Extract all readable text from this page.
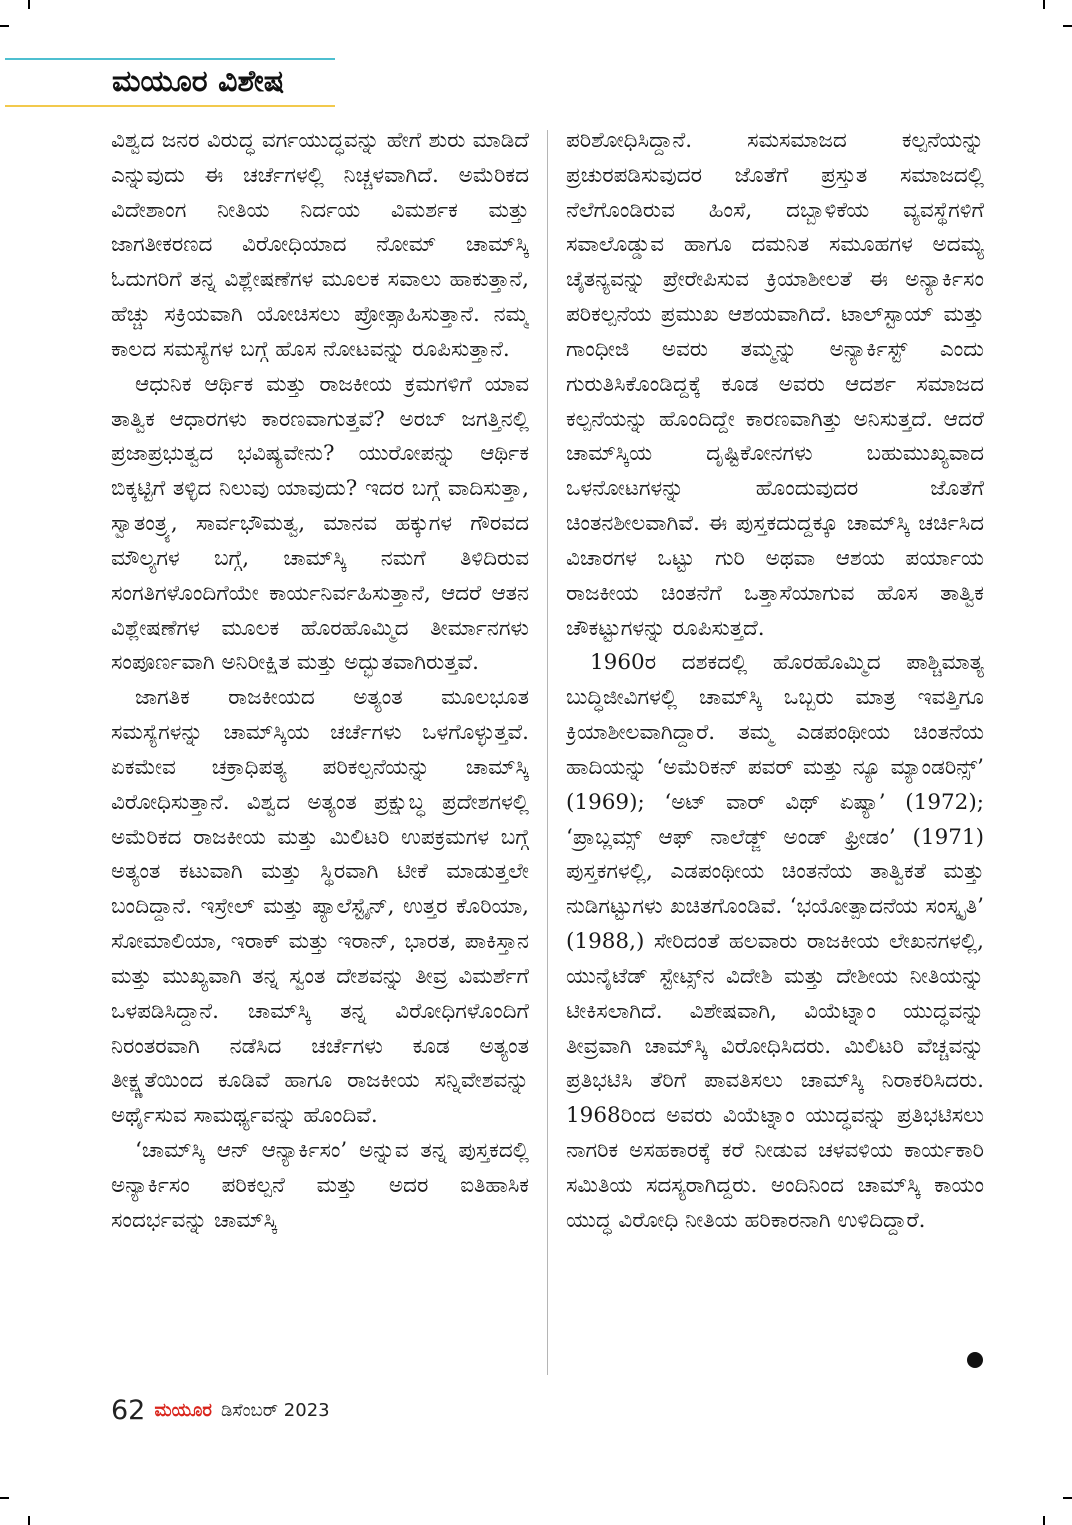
ಮಯೂರ ವಿಶೇಷ

ವಿಶ್ವದ ಜನರ ವಿರುದ್ಧ ವರ್ಗಯುದ್ಧವನ್ನು ಹೇಗೆ ಶುರು ಮಾಡಿದೆ ಎನ್ನುವುದು ಈ ಚರ್ಚೆಗಳಲ್ಲಿ ನಿಚ್ಚಳವಾಗಿದೆ. ಅಮೆರಿಕದ ವಿದೇಶಾಂಗ ನೀತಿಯ ನಿರ್ದಯ ವಿಮರ್ಶಕ ಮತ್ತು ಜಾಗತೀಕರಣದ ವಿರೋಧಿಯಾದ ನೋಮ್ ಚಾಮ್‌ಸ್ಕಿ ಓದುಗರಿಗೆ ತನ್ನ ವಿಶ್ಲೇಷಣೆಗಳ ಮೂಲಕ ಸವಾಲು ಹಾಕುತ್ತಾನೆ, ಹೆಚ್ಚು ಸಕ್ರಿಯವಾಗಿ ಯೋಚಿಸಲು ಪ್ರೋತ್ಸಾಹಿಸುತ್ತಾನೆ. ನಮ್ಮ ಕಾಲದ ಸಮಸ್ಯೆಗಳ ಬಗ್ಗೆ ಹೊಸ ನೋಟವನ್ನು ರೂಪಿಸುತ್ತಾನೆ.

ಆಧುನಿಕ ಆರ್ಥಿಕ ಮತ್ತು ರಾಜಕೀಯ ಕ್ರಮಗಳಿಗೆ ಯಾವ ತಾತ್ವಿಕ ಆಧಾರಗಳು ಕಾರಣವಾಗುತ್ತವೆ? ಅರಬ್ ಜಗತ್ತಿನಲ್ಲಿ ಪ್ರಜಾಪ್ರಭುತ್ವದ ಭವಿಷ್ಯವೇನು? ಯುರೋಪನ್ನು ಆರ್ಥಿಕ ಬಿಕ್ಕಟ್ಟಿಗೆ ತಳ್ಳಿದ ನಿಲುವು ಯಾವುದು? ಇದರ ಬಗ್ಗೆ ವಾದಿಸುತ್ತಾ, ಸ್ವಾತಂತ್ರ್ಯ, ಸಾರ್ವಭೌಮತ್ವ, ಮಾನವ ಹಕ್ಕುಗಳ ಗೌರವದ ಮೌಲ್ಯಗಳ ಬಗ್ಗೆ, ಚಾಮ್‌ಸ್ಕಿ ನಮಗೆ ತಿಳಿದಿರುವ ಸಂಗತಿಗಳೊಂದಿಗೆಯೇ ಕಾರ್ಯನಿರ್ವಹಿಸುತ್ತಾನೆ, ಆದರೆ ಆತನ ವಿಶ್ಲೇಷಣೆಗಳ ಮೂಲಕ ಹೊರಹೊಮ್ಮಿದ ತೀರ್ಮಾನಗಳು ಸಂಪೂರ್ಣವಾಗಿ ಅನಿರೀಕ್ಷಿತ ಮತ್ತು ಅದ್ಭುತವಾಗಿರುತ್ತವೆ.

ಜಾಗತಿಕ ರಾಜಕೀಯದ ಅತ್ಯಂತ ಮೂಲಭೂತ ಸಮಸ್ಯೆಗಳನ್ನು ಚಾಮ್‌ಸ್ಕಿಯ ಚರ್ಚೆಗಳು ಒಳಗೊಳ್ಳುತ್ತವೆ. ಏಕಮೇವ ಚಕ್ರಾಧಿಪತ್ಯ ಪರಿಕಲ್ಪನೆಯನ್ನು ಚಾಮ್‌ಸ್ಕಿ ವಿರೋಧಿಸುತ್ತಾನೆ. ವಿಶ್ವದ ಅತ್ಯಂತ ಪ್ರಕ್ಷುಬ್ಧ ಪ್ರದೇಶಗಳಲ್ಲಿ ಅಮೆರಿಕದ ರಾಜಕೀಯ ಮತ್ತು ಮಿಲಿಟರಿ ಉಪಕ್ರಮಗಳ ಬಗ್ಗೆ ಅತ್ಯಂತ ಕಟುವಾಗಿ ಮತ್ತು ಸ್ಥಿರವಾಗಿ ಟೀಕೆ ಮಾಡುತ್ತಲೇ ಬಂದಿದ್ದಾನೆ. ಇಸ್ರೇಲ್ ಮತ್ತು ಪ್ಯಾಲೆಸ್ಟೈನ್, ಉತ್ತರ ಕೊರಿಯಾ, ಸೋಮಾಲಿಯಾ, ಇರಾಕ್ ಮತ್ತು ಇರಾನ್, ಭಾರತ, ಪಾಕಿಸ್ತಾನ ಮತ್ತು ಮುಖ್ಯವಾಗಿ ತನ್ನ ಸ್ವಂತ ದೇಶವನ್ನು ತೀವ್ರ ವಿಮರ್ಶೆಗೆ ಒಳಪಡಿಸಿದ್ದಾನೆ. ಚಾಮ್‌ಸ್ಕಿ ತನ್ನ ವಿರೋಧಿಗಳೊಂದಿಗೆ ನಿರಂತರವಾಗಿ ನಡೆಸಿದ ಚರ್ಚೆಗಳು ಕೂಡ ಅತ್ಯಂತ ತೀಕ್ಷ್ಣತೆಯಿಂದ ಕೂಡಿವೆ ಹಾಗೂ ರಾಜಕೀಯ ಸನ್ನಿವೇಶವನ್ನು ಅರ್ಥೈಸುವ ಸಾಮರ್ಥ್ಯವನ್ನು ಹೊಂದಿವೆ.

‘ಚಾಮ್‌ಸ್ಕಿ ಆನ್ ಆನ್ಯಾರ್ಕಿಸಂ’ ಅನ್ನುವ ತನ್ನ ಪುಸ್ತಕದಲ್ಲಿ ಅನ್ಯಾರ್ಕಿಸಂ ಪರಿಕಲ್ಪನೆ ಮತ್ತು ಅದರ ಐತಿಹಾಸಿಕ ಸಂದರ್ಭವನ್ನು ಚಾಮ್‌ಸ್ಕಿ

ಪರಿಶೋಧಿಸಿದ್ದಾನೆ. ಸಮಸಮಾಜದ ಕಲ್ಪನೆಯನ್ನು ಪ್ರಚುರಪಡಿಸುವುದರ ಜೊತೆಗೆ ಪ್ರಸ್ತುತ ಸಮಾಜದಲ್ಲಿ ನೆಲೆಗೊಂಡಿರುವ ಹಿಂಸೆ, ದಬ್ಬಾಳಿಕೆಯ ವ್ಯವಸ್ಥೆಗಳಿಗೆ ಸವಾಲೊಡ್ಡುವ ಹಾಗೂ ದಮನಿತ ಸಮೂಹಗಳ ಅದಮ್ಯ ಚೈತನ್ಯವನ್ನು ಪ್ರೇರೇಪಿಸುವ ಕ್ರಿಯಾಶೀಲತೆ ಈ ಅನ್ಯಾರ್ಕಿಸಂ ಪರಿಕಲ್ಪನೆಯ ಪ್ರಮುಖ ಆಶಯವಾಗಿದೆ. ಟಾಲ್‌ಸ್ಟಾಯ್ ಮತ್ತು ಗಾಂಧೀಜಿ ಅವರು ತಮ್ಮನ್ನು ಅನ್ಯಾರ್ಕಿಸ್ಟ್ ಎಂದು ಗುರುತಿಸಿಕೊಂಡಿದ್ದಕ್ಕೆ ಕೂಡ ಅವರು ಆದರ್ಶ ಸಮಾಜದ ಕಲ್ಪನೆಯನ್ನು ಹೊಂದಿದ್ದೇ ಕಾರಣವಾಗಿತ್ತು ಅನಿಸುತ್ತದೆ. ಆದರೆ ಚಾಮ್‌ಸ್ಕಿಯ ದೃಷ್ಟಿಕೋನಗಳು ಬಹುಮುಖ್ಯವಾದ ಒಳನೋಟಗಳನ್ನು ಹೊಂದುವುದರ ಜೊತೆಗೆ ಚಿಂತನಶೀಲವಾಗಿವೆ. ಈ ಪುಸ್ತಕದುದ್ದಕ್ಕೂ ಚಾಮ್‌ಸ್ಕಿ ಚರ್ಚಿಸಿದ ವಿಚಾರಗಳ ಒಟ್ಟು ಗುರಿ ಅಥವಾ ಆಶಯ ಪರ್ಯಾಯ ರಾಜಕೀಯ ಚಿಂತನೆಗೆ ಒತ್ತಾಸೆಯಾಗುವ ಹೊಸ ತಾತ್ವಿಕ ಚೌಕಟ್ಟುಗಳನ್ನು ರೂಪಿಸುತ್ತದೆ.

1960ರ ದಶಕದಲ್ಲಿ ಹೊರಹೊಮ್ಮಿದ ಪಾಶ್ಚಿಮಾತ್ಯ ಬುದ್ಧಿಜೀವಿಗಳಲ್ಲಿ ಚಾಮ್‌ಸ್ಕಿ ಒಬ್ಬರು ಮಾತ್ರ ಇವತ್ತಿಗೂ ಕ್ರಿಯಾಶೀಲವಾಗಿದ್ದಾರೆ. ತಮ್ಮ ಎಡಪಂಥೀಯ ಚಿಂತನೆಯ ಹಾದಿಯನ್ನು ‘ಅಮೆರಿಕನ್ ಪವರ್ ಮತ್ತು ನ್ಯೂ ಮ್ಯಾಂಡರಿನ್ಸ್’ (1969); ‘ಅಟ್ ವಾರ್ ವಿಥ್ ಏಷ್ಯಾ’ (1972); ‘ಪ್ರಾಬ್ಲಮ್ಸ್ ಆಫ್ ನಾಲೆಡ್ಜ್ ಅಂಡ್ ಫ್ರೀಡಂ’ (1971) ಪುಸ್ತಕಗಳಲ್ಲಿ, ಎಡಪಂಥೀಯ ಚಿಂತನೆಯ ತಾತ್ವಿಕತೆ ಮತ್ತು ನುಡಿಗಟ್ಟುಗಳು ಖಚಿತಗೊಂಡಿವೆ. ‘ಭಯೋತ್ಪಾದನೆಯ ಸಂಸ್ಕೃತಿ’ (1988,) ಸೇರಿದಂತೆ ಹಲವಾರು ರಾಜಕೀಯ ಲೇಖನಗಳಲ್ಲಿ, ಯುನೈಟೆಡ್ ಸ್ಟೇಟ್ಸ್‌ನ ವಿದೇಶಿ ಮತ್ತು ದೇಶೀಯ ನೀತಿಯನ್ನು ಟೀಕಿಸಲಾಗಿದೆ. ವಿಶೇಷವಾಗಿ, ವಿಯೆಟ್ನಾಂ ಯುದ್ಧವನ್ನು ತೀವ್ರವಾಗಿ ಚಾಮ್‌ಸ್ಕಿ ವಿರೋಧಿಸಿದರು. ಮಿಲಿಟರಿ ವೆಚ್ಚವನ್ನು ಪ್ರತಿಭಟಿಸಿ ತೆರಿಗೆ ಪಾವತಿಸಲು ಚಾಮ್‌ಸ್ಕಿ ನಿರಾಕರಿಸಿದರು. 1968ರಿಂದ ಅವರು ವಿಯೆಟ್ನಾಂ ಯುದ್ಧವನ್ನು ಪ್ರತಿಭಟಿಸಲು ನಾಗರಿಕ ಅಸಹಕಾರಕ್ಕೆ ಕರೆ ನೀಡುವ ಚಳವಳಿಯ ಕಾರ್ಯಕಾರಿ ಸಮಿತಿಯ ಸದಸ್ಯರಾಗಿದ್ದರು. ಅಂದಿನಿಂದ ಚಾಮ್‌ಸ್ಕಿ ಕಾಯಂ ಯುದ್ಧ ವಿರೋಧಿ ನೀತಿಯ ಹರಿಕಾರನಾಗಿ ಉಳಿದಿದ್ದಾರೆ.

62 ಮಯೂರ ಡಿಸೆಂಬರ್ 2023
